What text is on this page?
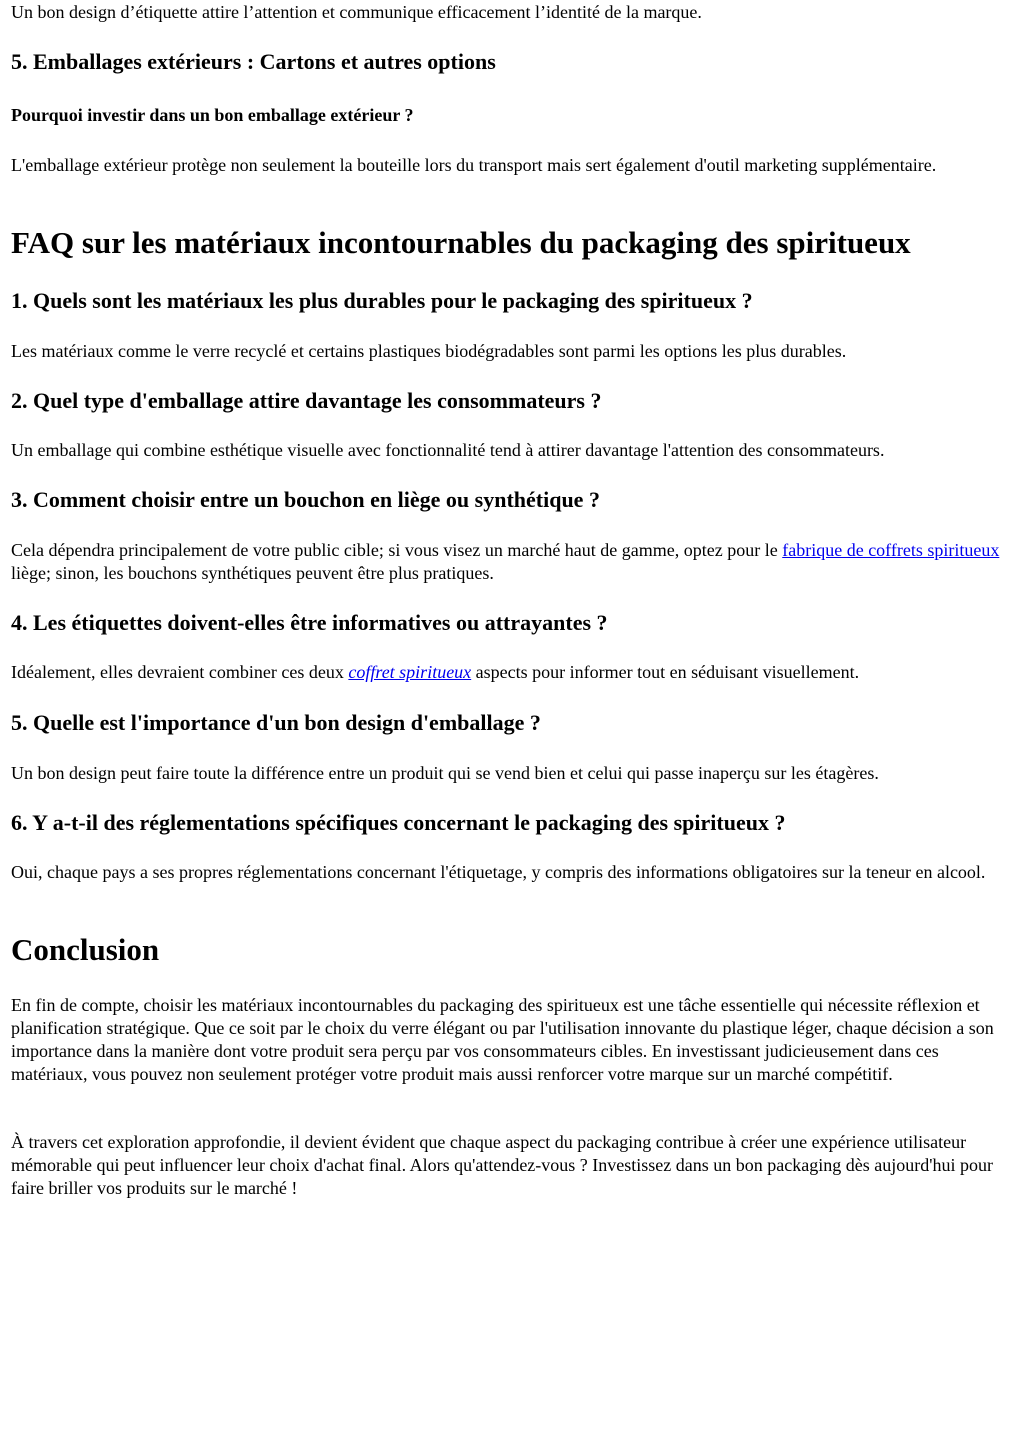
Un bon design d’étiquette attire l’attention et communique efficacement l’identité de la marque.

5. Emballages extérieurs : Cartons et autres options
Pourquoi investir dans un bon emballage extérieur ?

L'emballage extérieur protège non seulement la bouteille lors du transport mais sert également d'outil marketing supplémentaire.

FAQ sur les matériaux incontournables du packaging des spiritueux
1. Quels sont les matériaux les plus durables pour le packaging des spiritueux ?

Les matériaux comme le verre recyclé et certains plastiques biodégradables sont parmi les options les plus durables.

2. Quel type d'emballage attire davantage les consommateurs ?

Un emballage qui combine esthétique visuelle avec fonctionnalité tend à attirer davantage l'attention des consommateurs.

3. Comment choisir entre un bouchon en liège ou synthétique ?

Cela dépendra principalement de votre public cible; si vous visez un marché haut de gamme, optez pour le fabrique de coffrets spiritueux liège; sinon, les bouchons synthétiques peuvent être plus pratiques.

4. Les étiquettes doivent-elles être informatives ou attrayantes ?

Idéalement, elles devraient combiner ces deux coffret spiritueux aspects pour informer tout en séduisant visuellement.

5. Quelle est l'importance d'un bon design d'emballage ?

Un bon design peut faire toute la différence entre un produit qui se vend bien et celui qui passe inaperçu sur les étagères.

6. Y a-t-il des réglementations spécifiques concernant le packaging des spiritueux ?

Oui, chaque pays a ses propres réglementations concernant l'étiquetage, y compris des informations obligatoires sur la teneur en alcool.

Conclusion

En fin de compte, choisir les matériaux incontournables du packaging des spiritueux est une tâche essentielle qui nécessite réflexion et planification stratégique. Que ce soit par le choix du verre élégant ou par l'utilisation innovante du plastique léger, chaque décision a son importance dans la manière dont votre produit sera perçu par vos consommateurs cibles. En investissant judicieusement dans ces matériaux, vous pouvez non seulement protéger votre produit mais aussi renforcer votre marque sur un marché compétitif.

À travers cet exploration approfondie, il devient évident que chaque aspect du packaging contribue à créer une expérience utilisateur mémorable qui peut influencer leur choix d'achat final. Alors qu'attendez-vous ? Investissez dans un bon packaging dès aujourd'hui pour faire briller vos produits sur le marché !
